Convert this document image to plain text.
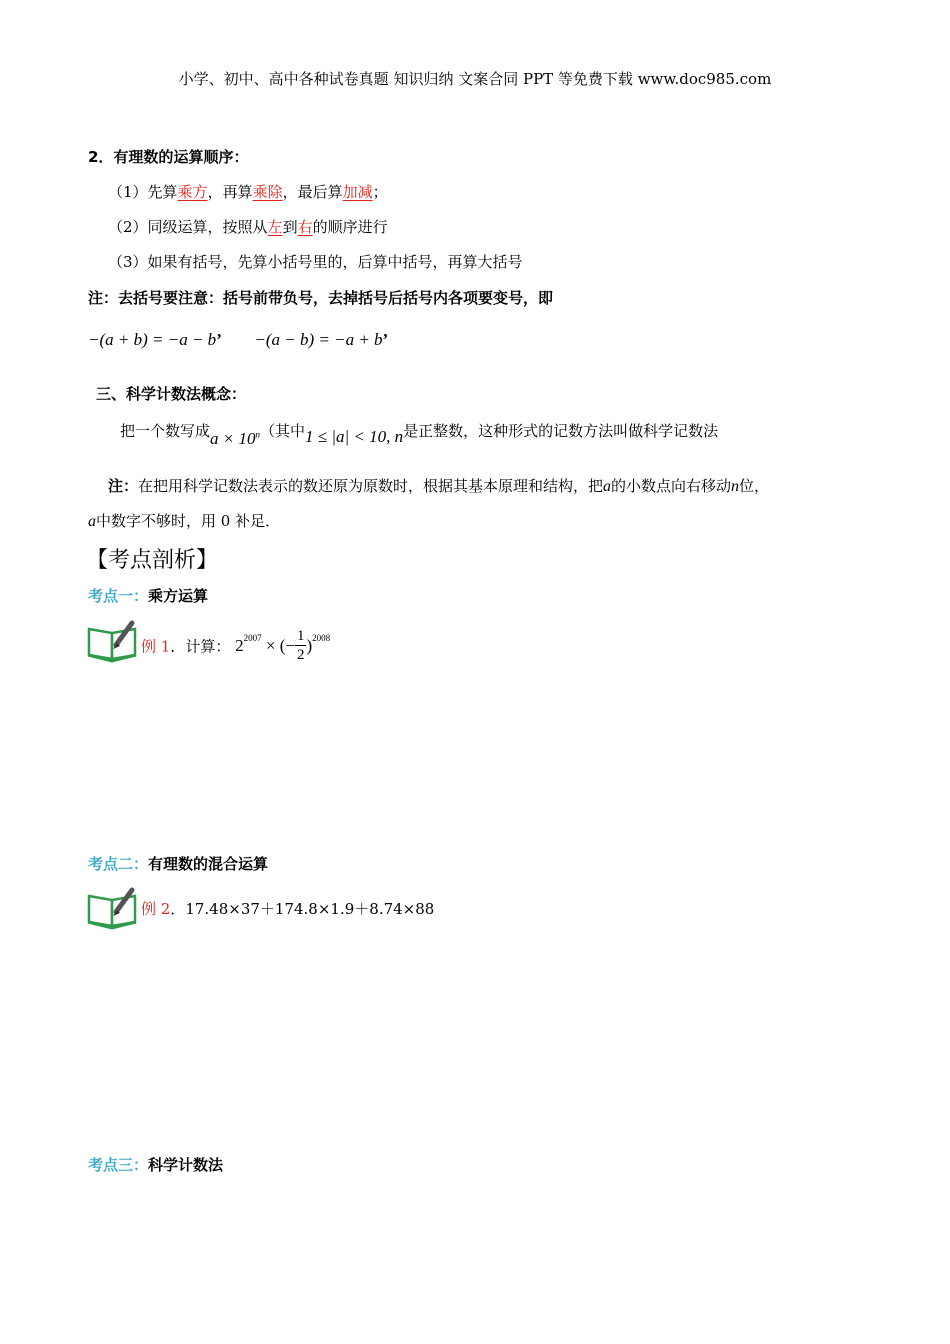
小学、初中、高中各种试卷真题 知识归纳 文案合同 PPT 等免费下载 www.doc985.com
2．有理数的运算顺序：
（1）先算乘方，再算乘除，最后算加减；
（2）同级运算，按照从左到右的顺序进行
（3）如果有括号，先算小括号里的，后算中括号，再算大括号
注：去括号要注意：括号前带负号，去掉括号后括号内各项要变号，即
−(a + b) = −a − b’ −(a − b) = −a + b’
三、科学计数法概念：
把一个数写成$a \times 10^n$（其中1 ≤ |a| < 10, n是正整数，这种形式的记数方法叫做科学记数法
注：在把用科学记数法表示的数还原为原数时，根据其基本原理和结构，把a的小数点向右移动n位，
a中数字不够时，用 0 补足．
【考点剖析】
考点一：乘方运算
例 1．计算： $2^{2007}$ × (− $\frac{1}{2} )^{2008}$
考点二：有理数的混合运算
例 2．17.48×37＋174.8×1.9＋8.74×88
考点三：科学计数法
